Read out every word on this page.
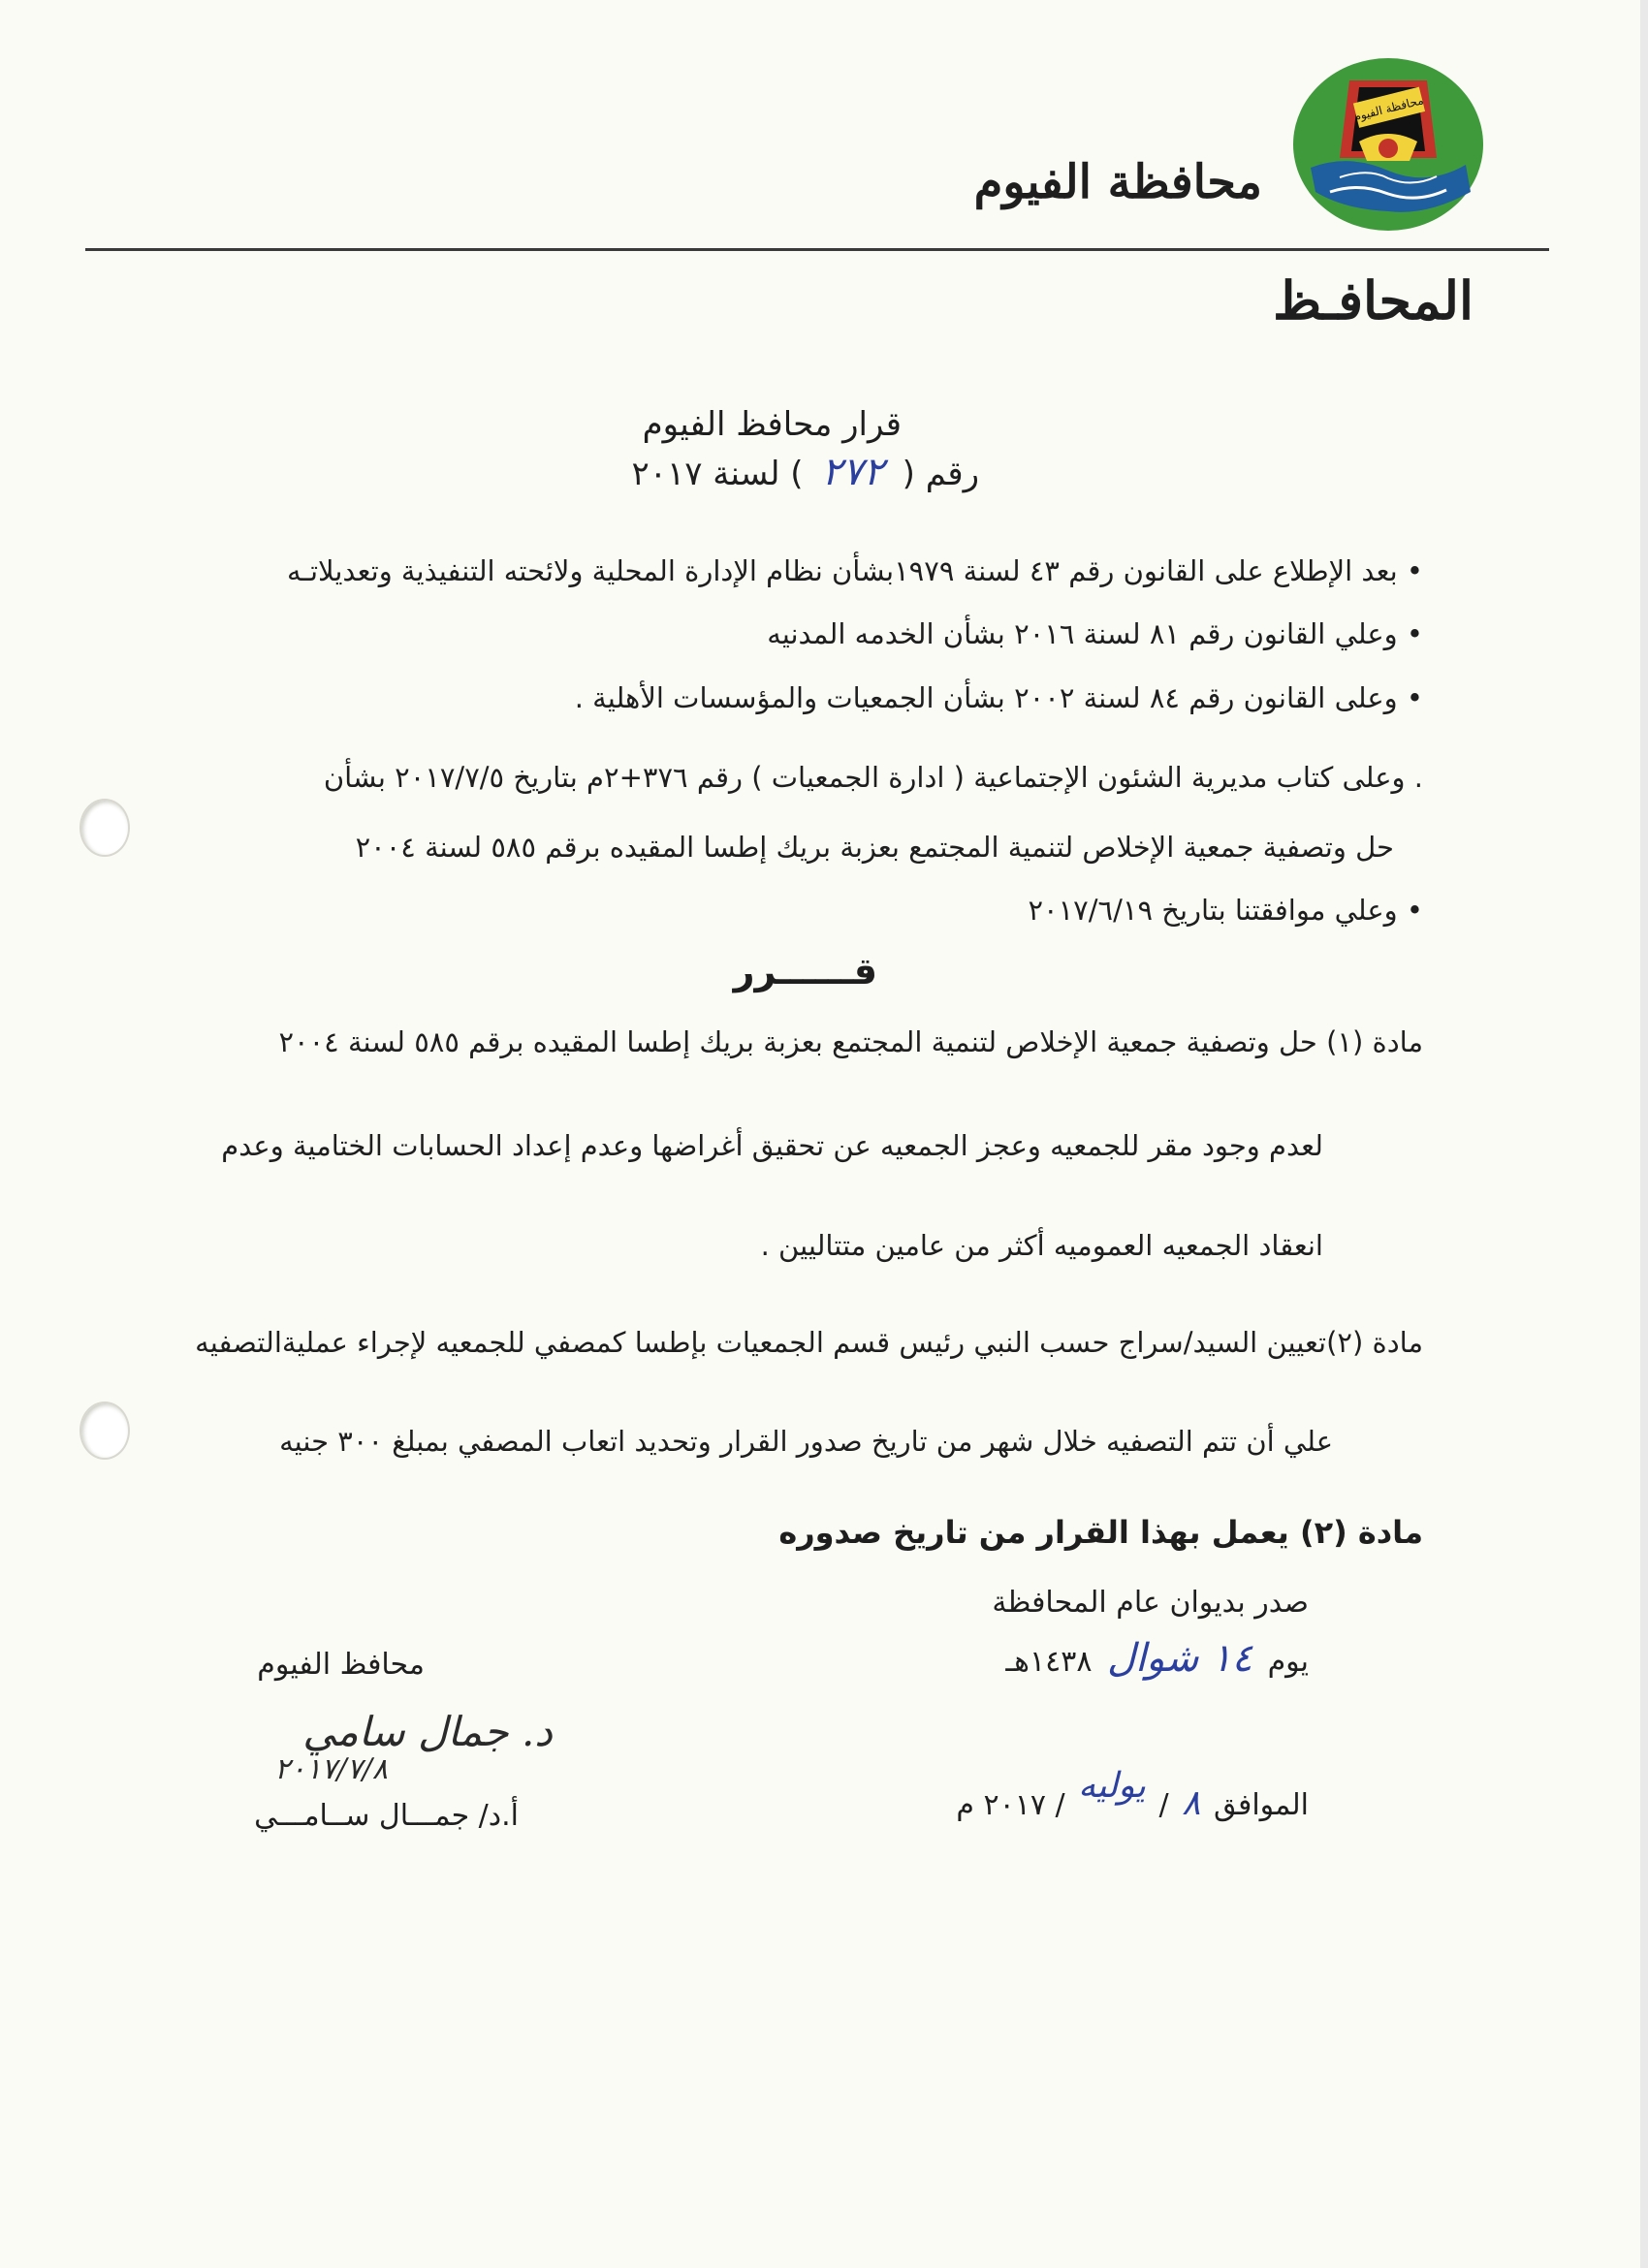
محافظة الفيوم
محافظة الفيوم
المحافـظ
قرار محافظ الفيوم
رقم ( ٢٧٢ ) لسنة ٢٠١٧
• بعد الإطلاع على القانون رقم ٤٣ لسنة ١٩٧٩بشأن نظام الإدارة المحلية ولائحته التنفيذية وتعديلاتـه
• وعلي القانون رقم ٨١ لسنة ٢٠١٦ بشأن الخدمه المدنيه
• وعلى القانون رقم ٨٤ لسنة ٢٠٠٢ بشأن الجمعيات والمؤسسات الأهلية .
. وعلى كتاب مديرية الشئون الإجتماعية ( ادارة الجمعيات ) رقم ٣٧٦+٢م بتاريخ ٢٠١٧/٧/٥ بشأن
حل وتصفية جمعية الإخلاص لتنمية المجتمع بعزبة بريك إطسا المقيده برقم ٥٨٥ لسنة ٢٠٠٤
• وعلي موافقتنا بتاريخ ٢٠١٧/٦/١٩
قــــــرر
مادة (١) حل وتصفية جمعية الإخلاص لتنمية المجتمع بعزبة بريك إطسا المقيده برقم ٥٨٥ لسنة ٢٠٠٤
لعدم وجود مقر للجمعيه وعجز الجمعيه عن تحقيق أغراضها وعدم إعداد الحسابات الختامية وعدم
انعقاد الجمعيه العموميه أكثر من عامين متتاليين .
مادة (٢)تعيين السيد/سراج حسب النبي رئيس قسم الجمعيات بإطسا كمصفي للجمعيه لإجراء عمليةالتصفيه
علي أن تتم التصفيه خلال شهر من تاريخ صدور القرار وتحديد اتعاب المصفي بمبلغ ٣٠٠ جنيه
مادة (٢) يعمل بهذا القرار من تاريخ صدوره
صدر بديوان عام المحافظة
يوم ١٤ شوال ١٤٣٨هـ
الموافق ٨ / يوليه / ٢٠١٧ م
محافظ الفيوم
د. جمال سامي
٢٠١٧/٧/٨
أ.د/ جمـــال ســامـــي
